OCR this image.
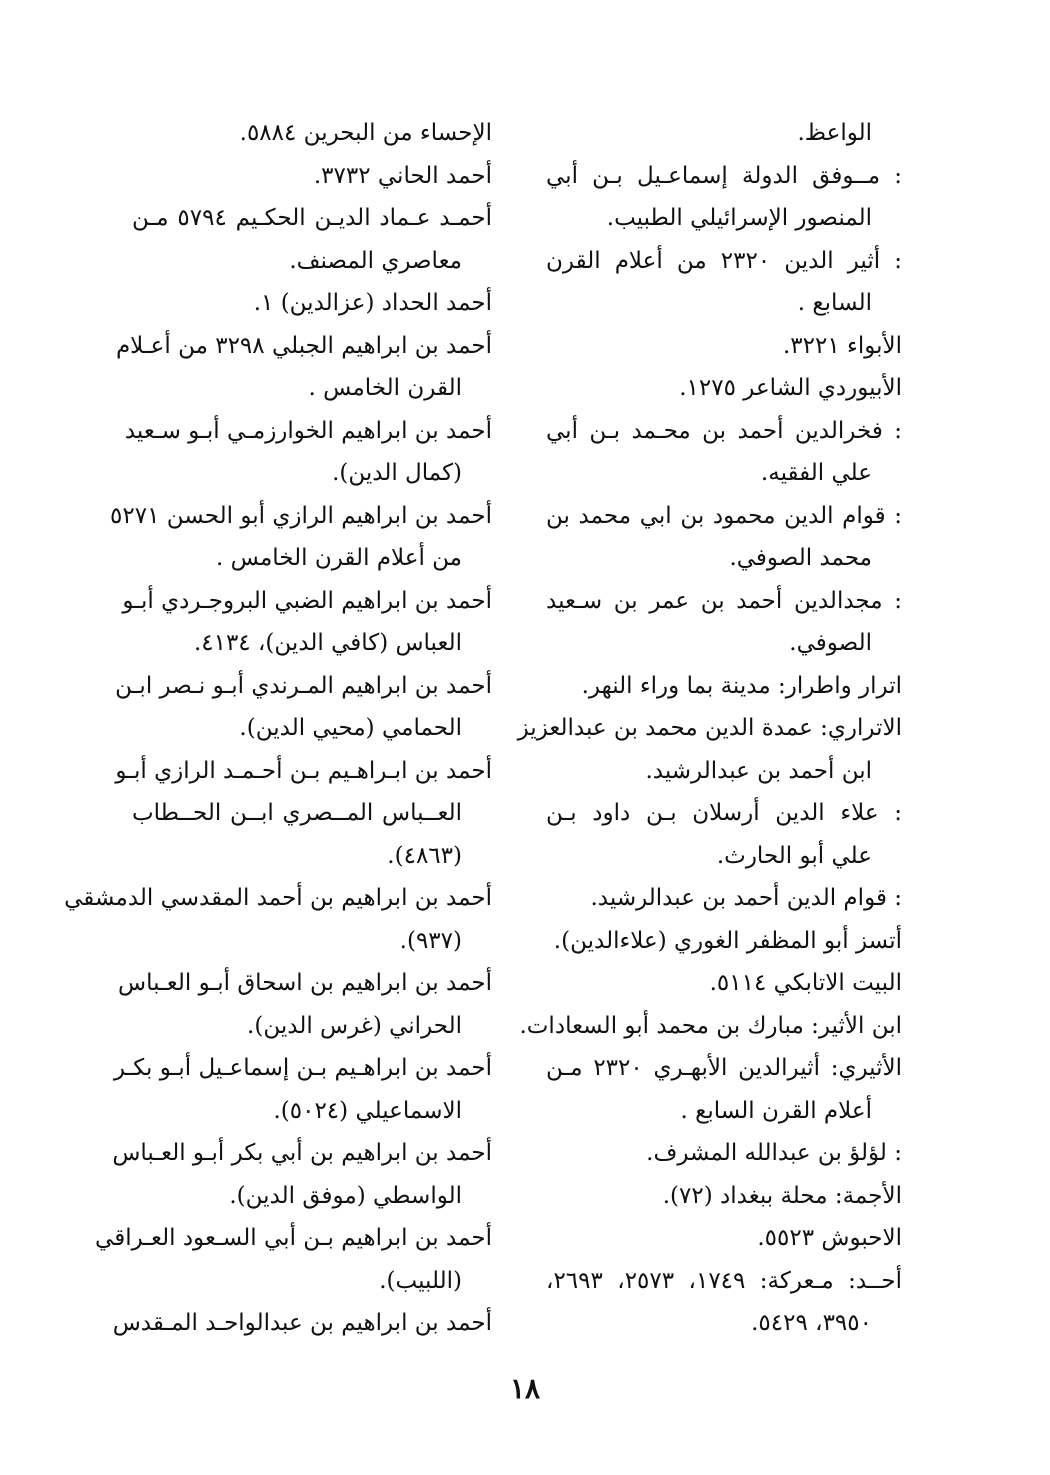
الواعظ.
: مــوفق الدولة إسماعـيل بـن أبي
المنصور الإسرائيلي الطبيب.
: أثير الدين ٢٣٢٠ من أعلام القرن
السابع .
الأبواء ٣٢٢١.
الأبيوردي الشاعر ١٢٧٥.
: فخرالدين أحمد بن محـمد بـن أبي
علي الفقيه.
: قوام الدين محمود بن ابي محمد بن
محمد الصوفي.
: مجدالدين أحمد بن عمر بن سـعيد
الصوفي.
اترار واطرار: مدينة بما وراء النهر.
الاتراري: عمدة الدين محمد بن عبدالعزيز
ابن أحمد بن عبدالرشيد.
: علاء الدين أرسلان بـن داود بـن
علي أبو الحارث.
: قوام الدين أحمد بن عبدالرشيد.
أتسز أبو المظفر الغوري (علاءالدين).
البيت الاتابكي ٥١١٤.
ابن الأثير: مبارك بن محمد أبو السعادات.
الأثيري: أثيرالدين الأبهـري ٢٣٢٠ مـن
أعلام القرن السابع .
: لؤلؤ بن عبدالله المشرف.
الأجمة: محلة ببغداد (٧٢).
الاحبوش ٥٥٢٣.
أحــد: مـعركة: ١٧٤٩، ٢٥٧٣، ٢٦٩٣،
٣٩٥٠، ٥٤٢٩.
الإحساء من البحرين ٥٨٨٤.
أحمد الحاني ٣٧٣٢.
أحمـد عـماد الديـن الحكـيم ٥٧٩٤ مـن
معاصري المصنف.
أحمد الحداد (عزالدين) ١.
أحمد بن ابراهيم الجبلي ٣٢٩٨ من أعـلام
القرن الخامس .
أحمد بن ابراهيم الخوارزمـي أبـو سـعيد
(كمال الدين).
أحمد بن ابراهيم الرازي أبو الحسن ٥٢٧١
من أعلام القرن الخامس .
أحمد بن ابراهيم الضبي البروجـردي أبـو
العباس (كافي الدين)، ٤١٣٤.
أحمد بن ابراهيم المـرندي أبـو نـصر ابـن
الحمامي (محيي الدين).
أحمد بن ابـراهـيم بـن أحـمـد الرازي أبـو
العــباس المــصري ابــن الحــطاب
(٤٨٦٣).
أحمد بن ابراهيم بن أحمد المقدسي الدمشقي
(٩٣٧).
أحمد بن ابراهيم بن اسحاق أبـو العـباس
الحراني (غرس الدين).
أحمد بن ابراهـيم بـن إسماعـيل أبـو بكـر
الاسماعيلي (٥٠٢٤).
أحمد بن ابراهيم بن أبي بكر أبـو العـباس
الواسطي (موفق الدين).
أحمد بن ابراهيم بـن أبي السـعود العـراقي
(اللبيب).
أحمد بن ابراهيم بن عبدالواحـد المـقدس
١٨
